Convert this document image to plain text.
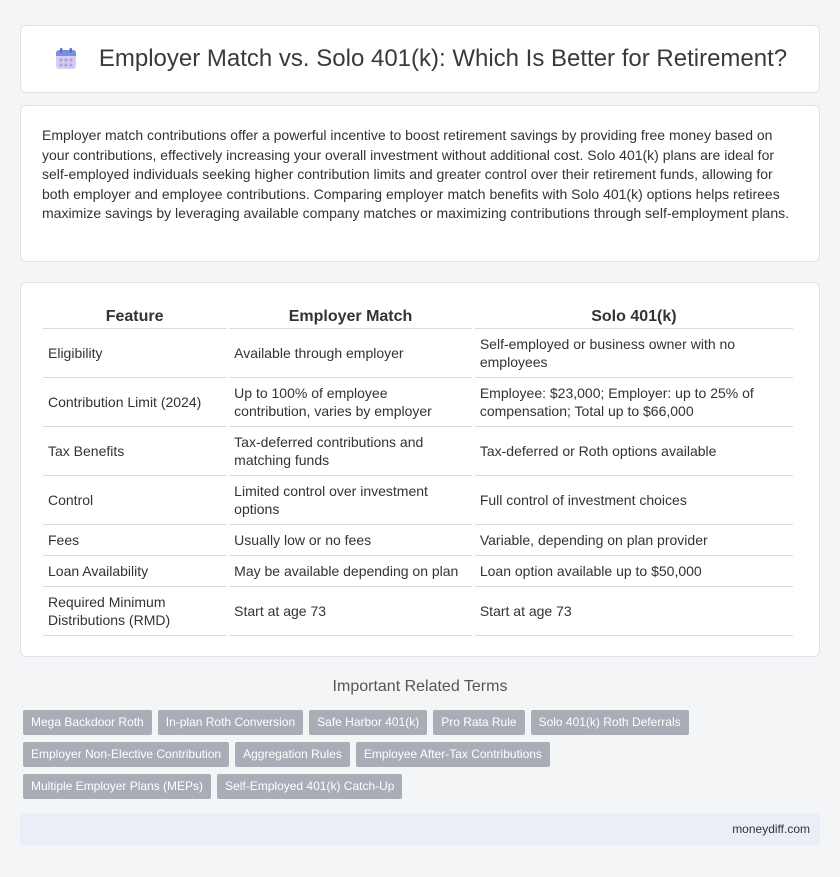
Employer Match vs. Solo 401(k): Which Is Better for Retirement?

Employer match contributions offer a powerful incentive to boost retirement savings by providing free money based on your contributions, effectively increasing your overall investment without additional cost. Solo 401(k) plans are ideal for self-employed individuals seeking higher contribution limits and greater control over their retirement funds, allowing for both employer and employee contributions. Comparing employer match benefits with Solo 401(k) options helps retirees maximize savings by leveraging available company matches or maximizing contributions through self-employment plans.

Feature	Employer Match	Solo 401(k)
Eligibility	Available through employer	Self-employed or business owner with no employees
Contribution Limit (2024)	Up to 100% of employee contribution, varies by employer	Employee: $23,000; Employer: up to 25% of compensation; Total up to $66,000
Tax Benefits	Tax-deferred contributions and matching funds	Tax-deferred or Roth options available
Control	Limited control over investment options	Full control of investment choices
Fees	Usually low or no fees	Variable, depending on plan provider
Loan Availability	May be available depending on plan	Loan option available up to $50,000
Required Minimum Distributions (RMD)	Start at age 73	Start at age 73
Important Related Terms
Mega Backdoor Roth	In-plan Roth Conversion	Safe Harbor 401(k)	Pro Rata Rule	Solo 401(k) Roth Deferrals
Employer Non-Elective Contribution	Aggregation Rules	Employee After-Tax Contributions
Multiple Employer Plans (MEPs)	Self-Employed 401(k) Catch-Up
moneydiff.com
